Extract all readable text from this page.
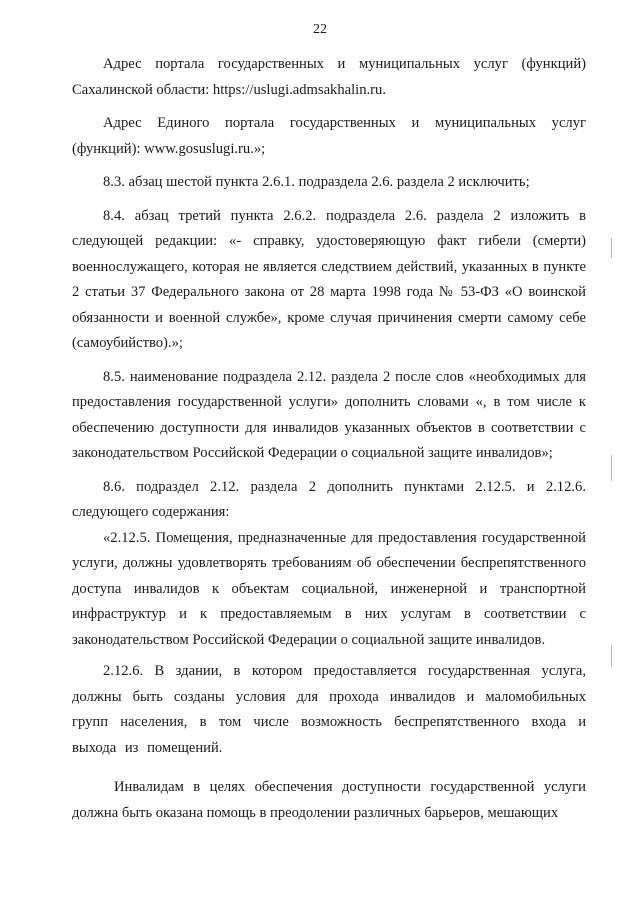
22

Адрес портала государственных и муниципальных услуг (функций) Сахалинской области: https://uslugi.admsakhalin.ru.

Адрес Единого портала государственных и муниципальных услуг (функций): www.gosuslugi.ru.»;

8.3. абзац шестой пункта 2.6.1. подраздела 2.6. раздела 2 исключить;

8.4. абзац третий пункта 2.6.2. подраздела 2.6. раздела 2 изложить в следующей редакции: «- справку, удостоверяющую факт гибели (смерти) военнослужащего, которая не является следствием действий, указанных в пункте 2 статьи 37 Федерального закона от 28 марта 1998 года № 53-ФЗ «О воинской обязанности и военной службе», кроме случая причинения смерти самому себе (самоубийство).»;

8.5. наименование подраздела 2.12. раздела 2 после слов «необходимых для предоставления государственной услуги» дополнить словами «, в том числе к обеспечению доступности для инвалидов указанных объектов в соответствии с законодательством Российской Федерации о социальной защите инвалидов»;

8.6. подраздел 2.12. раздела 2 дополнить пунктами 2.12.5. и 2.12.6. следующего содержания:

«2.12.5. Помещения, предназначенные для предоставления государственной услуги, должны удовлетворять требованиям об обеспечении беспрепятственного доступа инвалидов к объектам социальной, инженерной и транспортной инфраструктур и к предоставляемым в них услугам в соответствии с законодательством Российской Федерации о социальной защите инвалидов.

2.12.6. В здании, в котором предоставляется государственная услуга, должны быть созданы условия для прохода инвалидов и маломобильных групп населения, в том числе возможность беспрепятственного входа и выхода из помещений.

Инвалидам в целях обеспечения доступности государственной услуги должна быть оказана помощь в преодолении различных барьеров, мешающих
